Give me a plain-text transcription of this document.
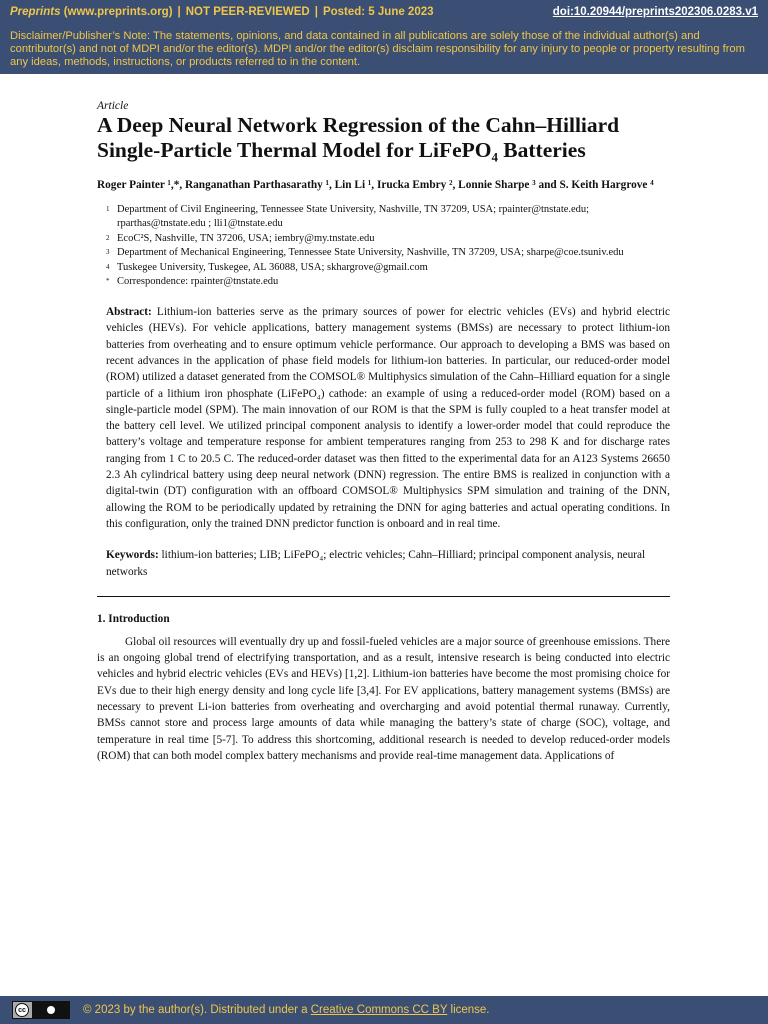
Preprints (www.preprints.org) | NOT PEER-REVIEWED | Posted: 5 June 2023	doi:10.20944/preprints202306.0283.v1
Disclaimer/Publisher’s Note: The statements, opinions, and data contained in all publications are solely those of the individual author(s) and contributor(s) and not of MDPI and/or the editor(s). MDPI and/or the editor(s) disclaim responsibility for any injury to people or property resulting from any ideas, methods, instructions, or products referred to in the content.
Article
A Deep Neural Network Regression of the Cahn–Hilliard Single-Particle Thermal Model for LiFePO₄ Batteries
Roger Painter ¹,*, Ranganathan Parthasarathy ¹, Lin Li ¹, Irucka Embry ², Lonnie Sharpe ³ and S. Keith Hargrove ⁴
1 Department of Civil Engineering, Tennessee State University, Nashville, TN 37209, USA; rpainter@tnstate.edu; rparthas@tnstate.edu ; lli1@tnstate.edu
2 EcoC²S, Nashville, TN 37206, USA; iembry@my.tnstate.edu
3 Department of Mechanical Engineering, Tennessee State University, Nashville, TN 37209, USA; sharpe@coe.tsuniv.edu
4 Tuskegee University, Tuskegee, AL 36088, USA; skhargrove@gmail.com
* Correspondence: rpainter@tnstate.edu
Abstract: Lithium-ion batteries serve as the primary sources of power for electric vehicles (EVs) and hybrid electric vehicles (HEVs). For vehicle applications, battery management systems (BMSs) are necessary to protect lithium-ion batteries from overheating and to ensure optimum vehicle performance. Our approach to developing a BMS was based on recent advances in the application of phase field models for lithium-ion batteries. In particular, our reduced-order model (ROM) utilized a dataset generated from the COMSOL® Multiphysics simulation of the Cahn–Hilliard equation for a single particle of a lithium iron phosphate (LiFePO₄) cathode: an example of using a reduced-order model (ROM) based on a single-particle model (SPM). The main innovation of our ROM is that the SPM is fully coupled to a heat transfer model at the battery cell level. We utilized principal component analysis to identify a lower-order model that could reproduce the battery’s voltage and temperature response for ambient temperatures ranging from 253 to 298 K and for discharge rates ranging from 1 C to 20.5 C. The reduced-order dataset was then fitted to the experimental data for an A123 Systems 26650 2.3 Ah cylindrical battery using deep neural network (DNN) regression. The entire BMS is realized in conjunction with a digital-twin (DT) configuration with an offboard COMSOL® Multiphysics SPM simulation and training of the DNN, allowing the ROM to be periodically updated by retraining the DNN for aging batteries and actual operating conditions. In this configuration, only the trained DNN predictor function is onboard and in real time.
Keywords: lithium-ion batteries; LIB; LiFePO₄; electric vehicles; Cahn–Hilliard; principal component analysis, neural networks
1. Introduction
Global oil resources will eventually dry up and fossil-fueled vehicles are a major source of greenhouse emissions. There is an ongoing global trend of electrifying transportation, and as a result, intensive research is being conducted into electric vehicles and hybrid electric vehicles (EVs and HEVs) [1,2]. Lithium-ion batteries have become the most promising choice for EVs due to their high energy density and long cycle life [3,4]. For EV applications, battery management systems (BMSs) are necessary to prevent Li-ion batteries from overheating and overcharging and avoid potential thermal runaway. Currently, BMSs cannot store and process large amounts of data while managing the battery’s state of charge (SOC), voltage, and temperature in real time [5-7]. To address this shortcoming, additional research is needed to develop reduced-order models (ROM) that can both model complex battery mechanisms and provide real-time management data. Applications of
cc	© 2023 by the author(s). Distributed under a Creative Commons CC BY license.
